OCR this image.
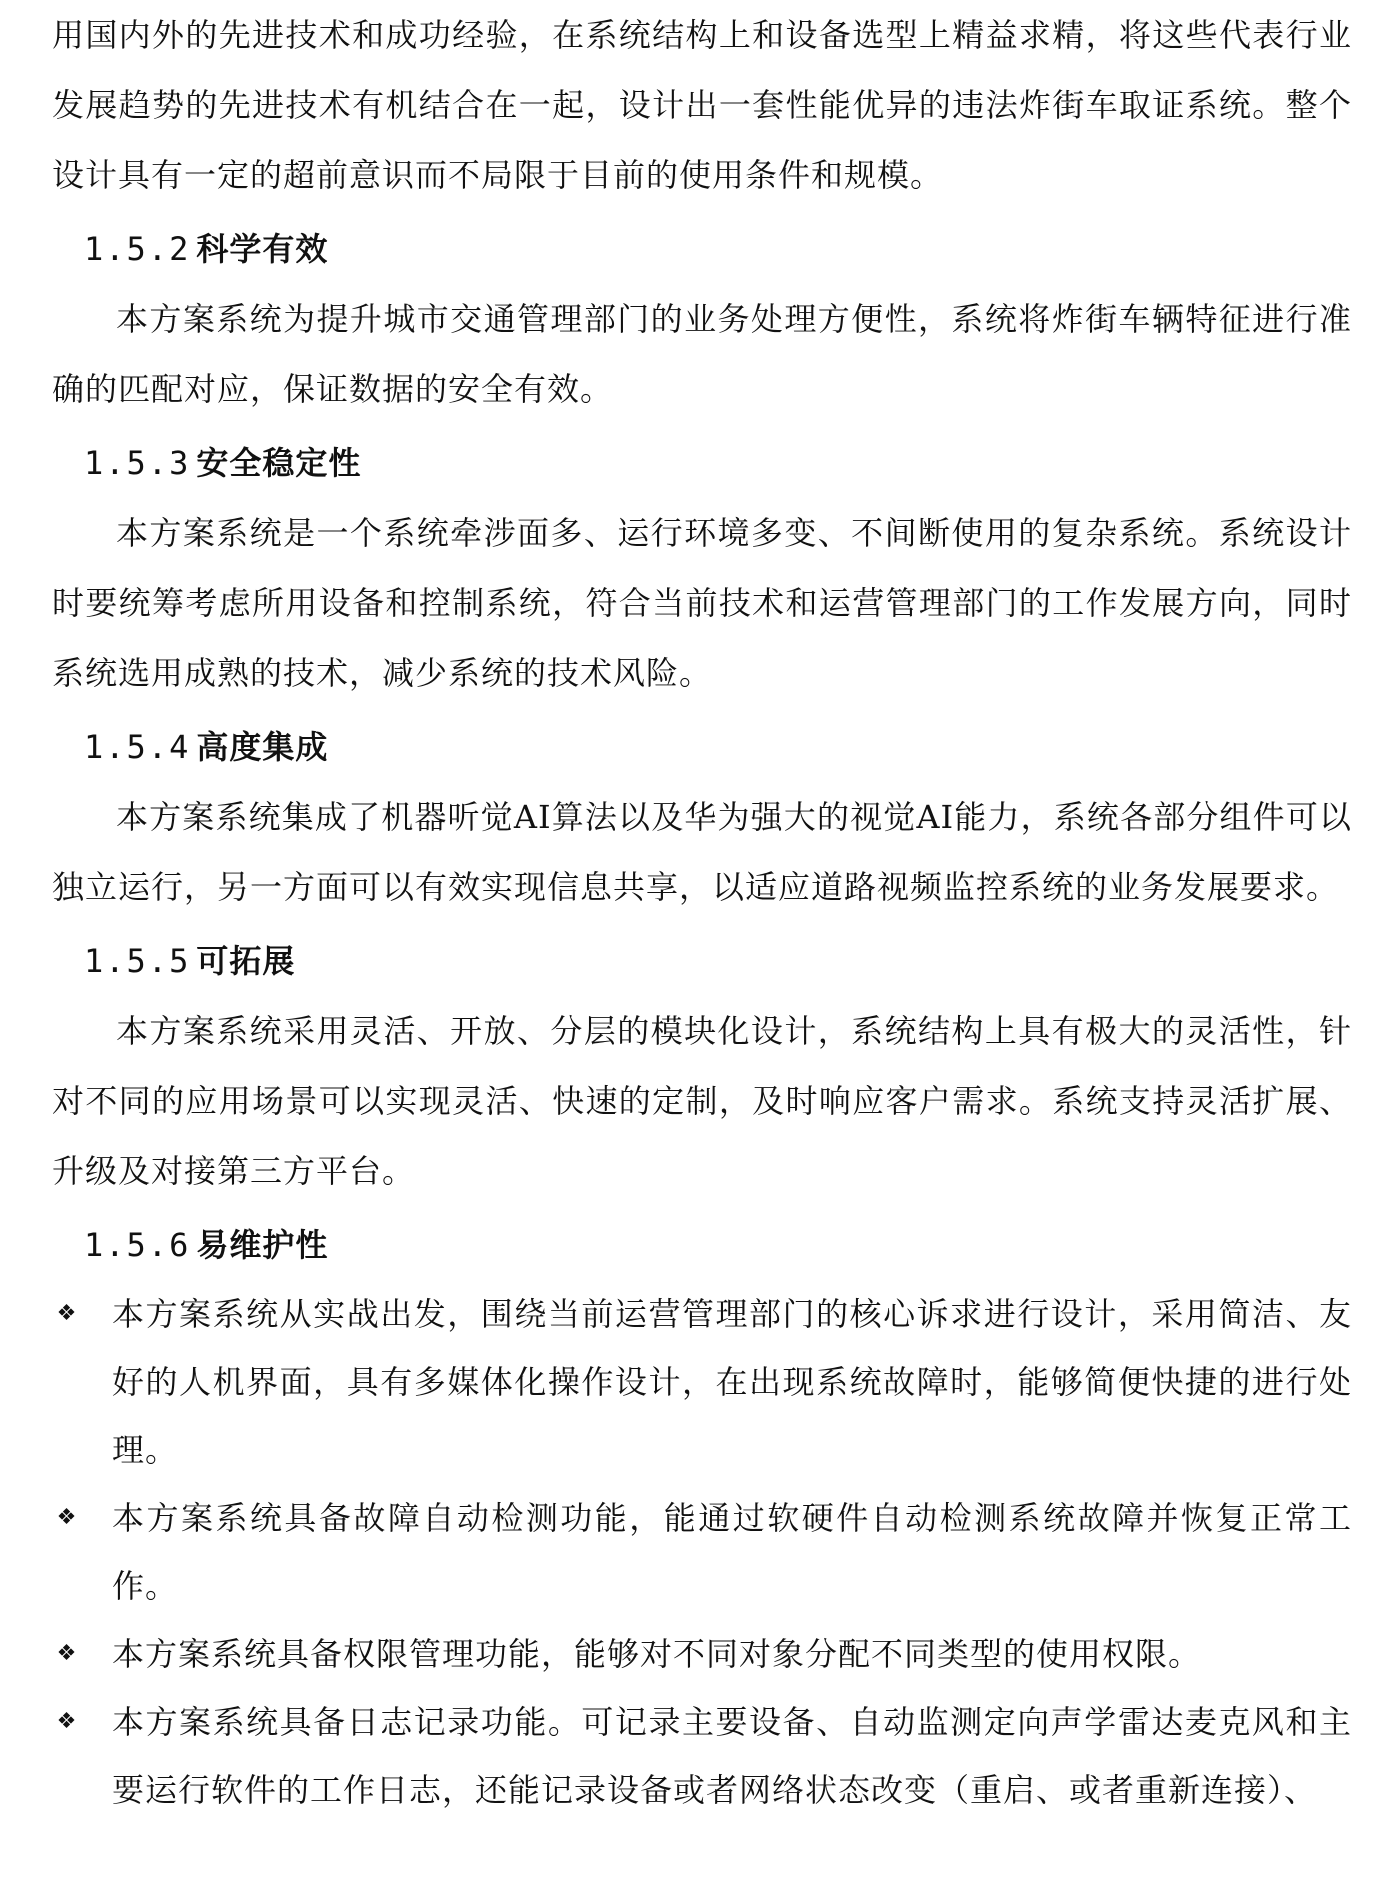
用国内外的先进技术和成功经验，在系统结构上和设备选型上精益求精，将这些代表行业发展趋势的先进技术有机结合在一起，设计出一套性能优异的违法炸街车取证系统。整个设计具有一定的超前意识而不局限于目前的使用条件和规模。

1.5.2 科学有效

本方案系统为提升城市交通管理部门的业务处理方便性，系统将炸街车辆特征进行准确的匹配对应，保证数据的安全有效。

1.5.3 安全稳定性

本方案系统是一个系统牵涉面多、运行环境多变、不间断使用的复杂系统。系统设计时要统筹考虑所用设备和控制系统，符合当前技术和运营管理部门的工作发展方向，同时系统选用成熟的技术，减少系统的技术风险。

1.5.4 高度集成

本方案系统集成了机器听觉AI算法以及华为强大的视觉AI能力，系统各部分组件可以独立运行，另一方面可以有效实现信息共享，以适应道路视频监控系统的业务发展要求。

1.5.5 可拓展

本方案系统采用灵活、开放、分层的模块化设计，系统结构上具有极大的灵活性，针对不同的应用场景可以实现灵活、快速的定制，及时响应客户需求。系统支持灵活扩展、升级及对接第三方平台。

1.5.6 易维护性
❖ 本方案系统从实战出发，围绕当前运营管理部门的核心诉求进行设计，采用简洁、友好的人机界面，具有多媒体化操作设计，在出现系统故障时，能够简便快捷的进行处理。
❖ 本方案系统具备故障自动检测功能，能通过软硬件自动检测系统故障并恢复正常工作。
❖ 本方案系统具备权限管理功能，能够对不同对象分配不同类型的使用权限。
❖ 本方案系统具备日志记录功能。可记录主要设备、自动监测定向声学雷达麦克风和主要运行软件的工作日志，还能记录设备或者网络状态改变（重启、或者重新连接）、
